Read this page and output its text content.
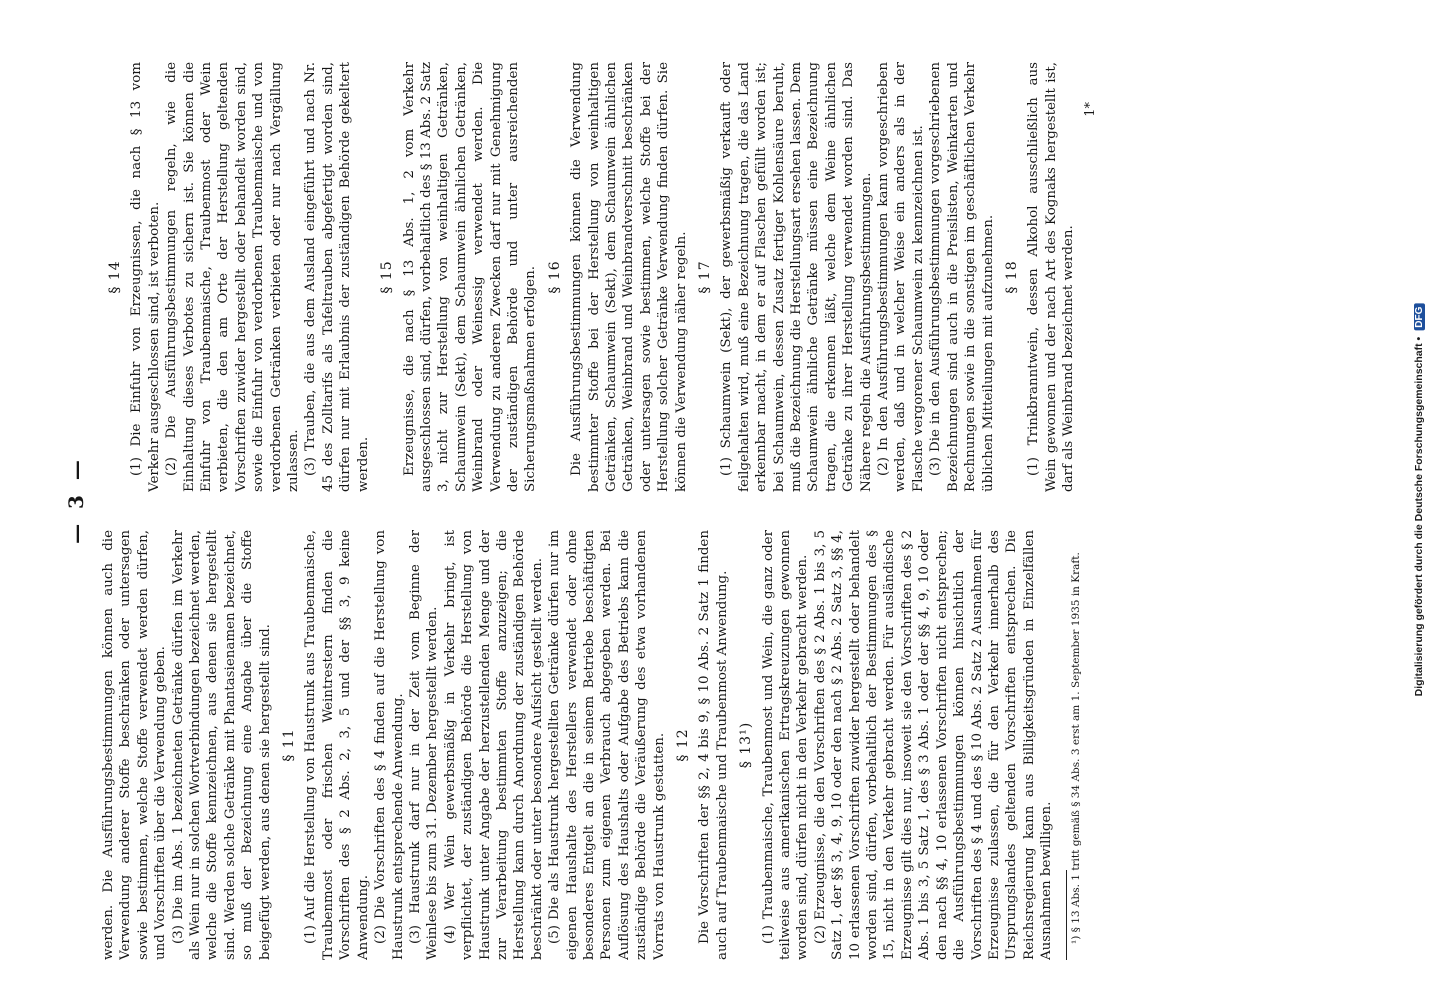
— 3 —

werden. Die Ausführungsbestimmungen können auch die Verwendung anderer Stoffe beschränken oder untersagen sowie bestimmen, welche Stoffe verwendet werden dürfen, und Vorschriften über die Verwendung geben. (3) Die im Abs. 1 bezeichneten Getränke dürfen im Verkehr als Wein nur in solchen Wortverbindungen bezeichnet werden, welche die Stoffe kennzeichnen, aus denen sie hergestellt sind. Werden solche Getränke mit Phantasienamen bezeichnet, so muß der Bezeichnung eine Angabe über die Stoffe beigefügt werden, aus denen sie hergestellt sind. § 11 (1) Auf die Herstellung von Haustrunk aus Traubenmaische, Traubenmost oder frischen Weintrestern finden die Vorschriften des § 2 Abs. 2, 3, 5 und der §§ 3, 9 keine Anwendung. (2) Die Vorschriften des § 4 finden auf die Herstellung von Haustrunk entsprechende Anwendung. (3) Haustrunk darf nur in der Zeit vom Beginne der Weinlese bis zum 31. Dezember hergestellt werden. (4) Wer Wein gewerbsmäßig in Verkehr bringt, ist verpflichtet, der zuständigen Behörde die Herstellung von Haustrunk unter Angabe der herzustellenden Menge und der zur Verarbeitung bestimmten Stoffe anzuzeigen; die Herstellung kann durch Anordnung der zuständigen Behörde beschränkt oder unter besondere Aufsicht gestellt werden. (5) Die als Haustrunk hergestellten Getränke dürfen nur im eigenen Haushalte des Herstellers verwendet oder ohne besonderes Entgelt an die in seinem Betriebe beschäftigten Personen zum eigenen Verbrauch abgegeben werden. Bei Auflösung des Haushalts oder Aufgabe des Betriebs kann die zuständige Behörde die Veräußerung des etwa vorhandenen Vorrats von Haustrunk gestatten. § 12 Die Vorschriften der §§ 2, 4 bis 9, § 10 Abs. 2 Satz 1 finden auch auf Traubenmaische und Traubenmost Anwendung. § 13¹) (1) Traubenmaische, Traubenmost und Wein, die ganz oder teilweise aus amerikanischen Ertragskreuzungen gewonnen worden sind, dürfen nicht in den Verkehr gebracht werden. (2) Erzeugnisse, die den Vorschriften des § 2 Abs. 1 bis 3, 5 Satz 1, der §§ 3, 4, 9, 10 oder den nach § 2 Abs. 2 Satz 3, §§ 4, 10 erlassenen Vorschriften zuwider hergestellt oder behandelt worden sind, dürfen, vorbehaltlich der Bestimmungen des § 15, nicht in den Verkehr gebracht werden. Für ausländische Erzeugnisse gilt dies nur, insoweit sie den Vorschriften des § 2 Abs. 1 bis 3, 5 Satz 1, des § 3 Abs. 1 oder der §§ 4, 9, 10 oder den nach §§ 4, 10 erlassenen Vorschriften nicht entsprechen; die Ausführungsbestimmungen können hinsichtlich der Vorschriften des § 4 und des § 10 Abs. 2 Satz 2 Ausnahmen für Erzeugnisse zulassen, die für den Verkehr innerhalb des Ursprungslandes geltenden Vorschriften entsprechen. Die Reichsregierung kann aus Billigkeitsgründen in Einzelfällen Ausnahmen bewilligen. ¹) § 13 Abs. 1 tritt gemäß § 34 Abs. 3 erst am 1. September 1935 in Kraft.

§ 14 (1) Die Einfuhr von Erzeugnissen, die nach § 13 vom Verkehr ausgeschlossen sind, ist verboten. (2) Die Ausführungsbestimmungen regeln, wie die Einhaltung dieses Verbotes zu sichern ist. Sie können die Einfuhr von Traubenmaische, Traubenmost oder Wein verbieten, die den am Orte der Herstellung geltenden Vorschriften zuwider hergestellt oder behandelt worden sind, sowie die Einfuhr von verdorbenen Traubenmaische und von verdorbenen Getränken verbieten oder nur nach Vergällung zulassen. (3) Trauben, die aus dem Ausland eingeführt und nach Nr. 45 des Zolltarifs als Tafeltrauben abgefertigt worden sind, dürfen nur mit Erlaubnis der zuständigen Behörde gekeltert werden.

§ 15 Erzeugnisse, die nach § 13 Abs. 1, 2 vom Verkehr ausgeschlossen sind, dürfen, vorbehaltlich des § 13 Abs. 2 Satz 3, nicht zur Herstellung von weinhaltigen Getränken, Schaumwein (Sekt), dem Schaumwein ähnlichen Getränken, Weinbrand oder Weinessig verwendet werden. Die Verwendung zu anderen Zwecken darf nur mit Genehmigung der zuständigen Behörde und unter ausreichenden Sicherungsmaßnahmen erfolgen. § 16 Die Ausführungsbestimmungen können die Verwendung bestimmter Stoffe bei der Herstellung von weinhaltigen Getränken, Schaumwein (Sekt), dem Schaumwein ähnlichen Getränken, Weinbrand und Weinbrandverschnitt beschränken oder untersagen sowie bestimmen, welche Stoffe bei der Herstellung solcher Getränke Verwendung finden dürfen. Sie können die Verwendung näher regeln. § 17 (1) Schaumwein (Sekt), der gewerbsmäßig verkauft oder feilgehalten wird, muß eine Bezeichnung tragen, die das Land erkennbar macht, in dem er auf Flaschen gefüllt worden ist; bei Schaumwein, dessen Zusatz fertiger Kohlensäure beruht, muß die Bezeichnung die Herstellungsart ersehen lassen. Dem Schaumwein ähnliche Getränke müssen eine Bezeichnung tragen, die erkennen läßt, welche dem Weine ähnlichen Getränke zu ihrer Herstellung verwendet worden sind. Das Nähere regeln die Ausführungsbestimmungen. (2) In den Ausführungsbestimmungen kann vorgeschrieben werden, daß und in welcher Weise ein anders als in der Flasche vergorener Schaumwein zu kennzeichnen ist. (3) Die in den Ausführungsbestimmungen vorgeschriebenen Bezeichnungen sind auch in die Preislisten, Weinkarten und Rechnungen sowie in die sonstigen im geschäftlichen Verkehr üblichen Mitteilungen mit aufzunehmen. § 18 (1) Trinkbranntwein, dessen Alkohol ausschließlich aus Wein gewonnen und der nach Art des Kognaks hergestellt ist, darf als Weinbrand bezeichnet werden.

1*
Digitalisierung gefördert durch die Deutsche Forschungsgemeinschaft •DFG
